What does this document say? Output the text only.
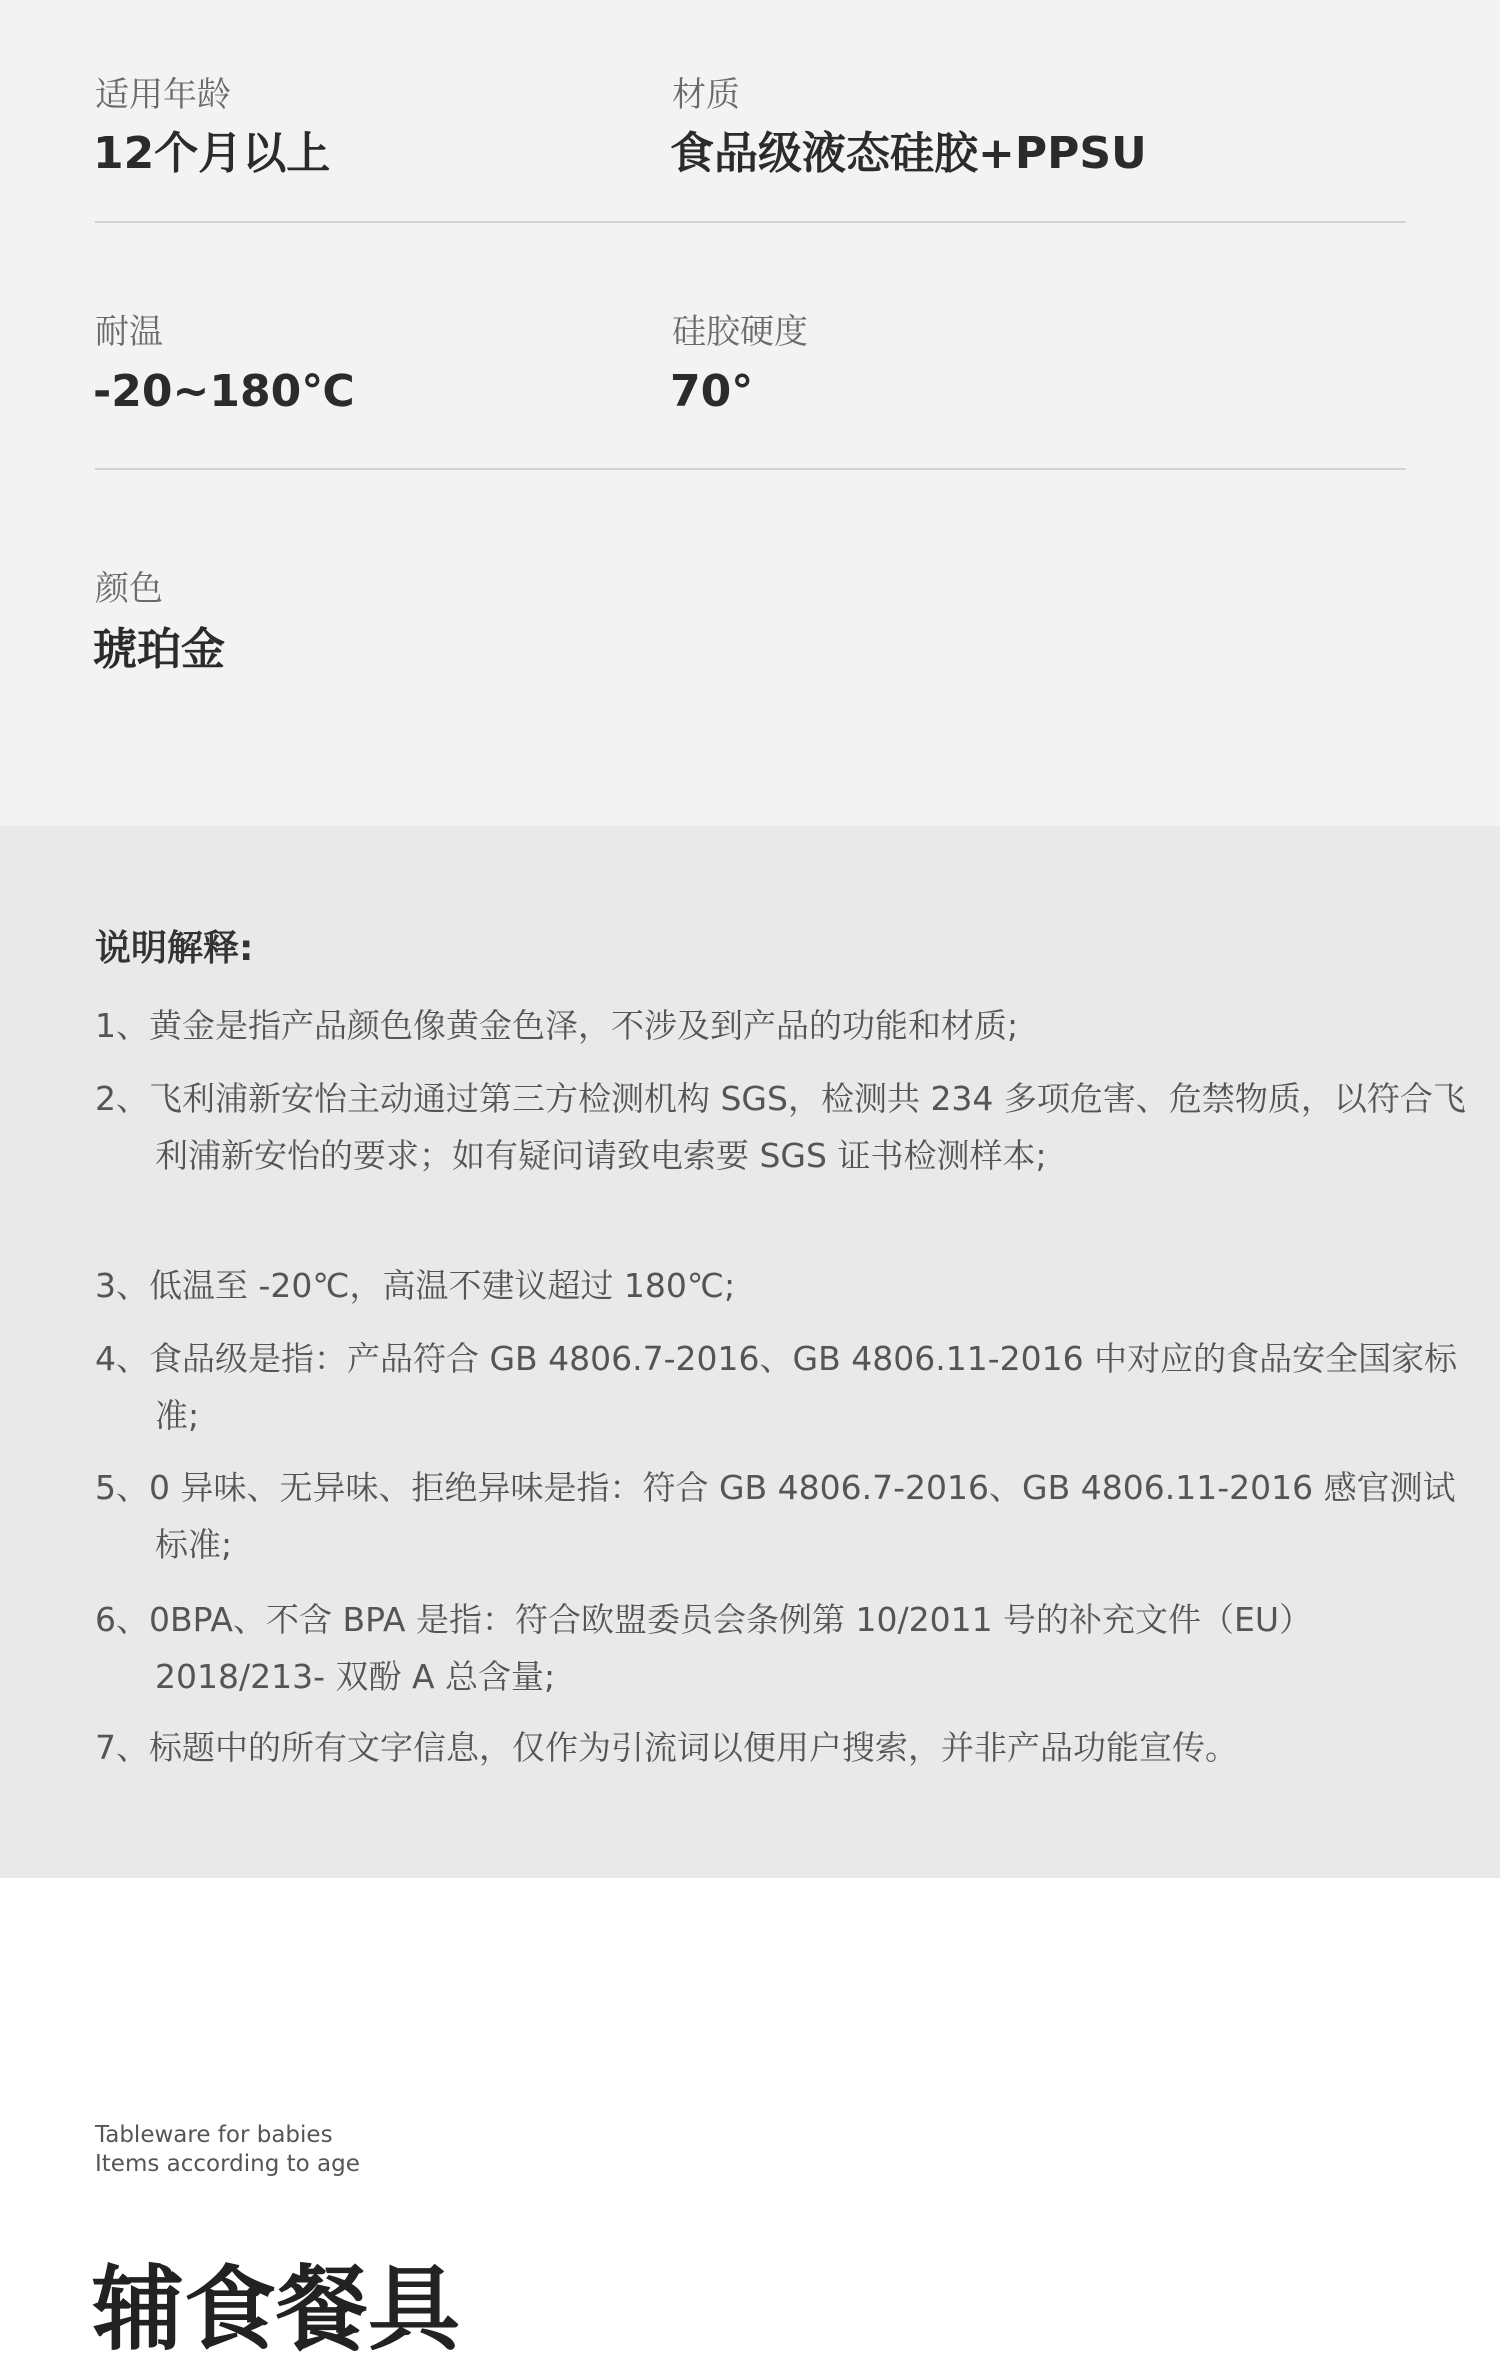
适用年龄
12个月以上
材质
食品级液态硅胶+PPSU
耐温
-20~180℃
硅胶硬度
70°
颜色
琥珀金
说明解释:
1、黄金是指产品颜色像黄金色泽，不涉及到产品的功能和材质;
2、飞利浦新安怡主动通过第三方检测机构 SGS，检测共 234 多项危害、危禁物质，以符合飞利浦新安怡的要求；如有疑问请致电索要 SGS 证书检测样本;
3、低温至 -20℃，高温不建议超过 180℃;
4、食品级是指：产品符合 GB 4806.7-2016、GB 4806.11-2016 中对应的食品安全国家标准;
5、0 异味、无异味、拒绝异味是指：符合 GB 4806.7-2016、GB 4806.11-2016 感官测试标准;
6、0BPA、不含 BPA 是指：符合欧盟委员会条例第 10/2011 号的补充文件（EU）2018/213- 双酚 A 总含量;
7、标题中的所有文字信息，仅作为引流词以便用户搜索，并非产品功能宣传。
Tableware for babies
Items according to age
辅食餐具
